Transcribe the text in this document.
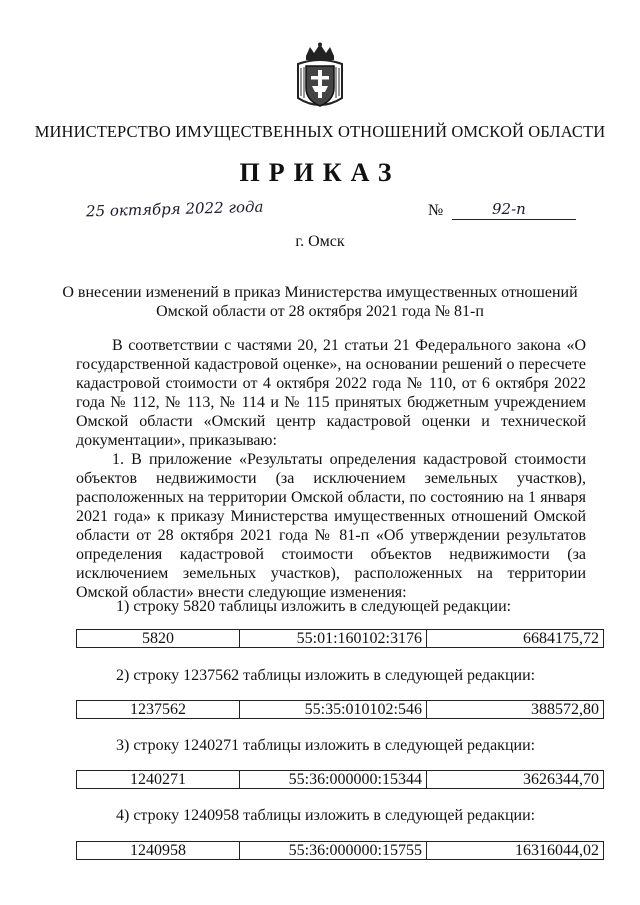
МИНИСТЕРСТВО ИМУЩЕСТВЕННЫХ ОТНОШЕНИЙ ОМСКОЙ ОБЛАСТИ
ПРИКАЗ
25 октября 2022 года	№	92-п
г. Омск
О внесении изменений в приказ Министерства имущественных отношений
Омской области от 28 октября 2021 года № 81-п

В соответствии с частями 20, 21 статьи 21 Федерального закона «О государственной кадастровой оценке», на основании решений о пересчете кадастровой стоимости от 4 октября 2022 года № 110, от 6 октября 2022 года № 112, № 113, № 114 и № 115 принятых бюджетным учреждением Омской области «Омский центр кадастровой оценки и технической документации», приказываю:

1. В приложение «Результаты определения кадастровой стоимости объектов недвижимости (за исключением земельных участков), расположенных на территории Омской области, по состоянию на 1 января 2021 года» к приказу Министерства имущественных отношений Омской области от 28 октября 2021 года № 81-п «Об утверждении результатов определения кадастровой стоимости объектов недвижимости (за исключением земельных участков), расположенных на территории Омской области» внести следующие изменения:

1) строку 5820 таблицы изложить в следующей редакции:
5820	55:01:160102:3176	6684175,72
2) строку 1237562 таблицы изложить в следующей редакции:
1237562	55:35:010102:546	388572,80
3) строку 1240271 таблицы изложить в следующей редакции:
1240271	55:36:000000:15344	3626344,70
4) строку 1240958 таблицы изложить в следующей редакции:
1240958	55:36:000000:15755	16316044,02
